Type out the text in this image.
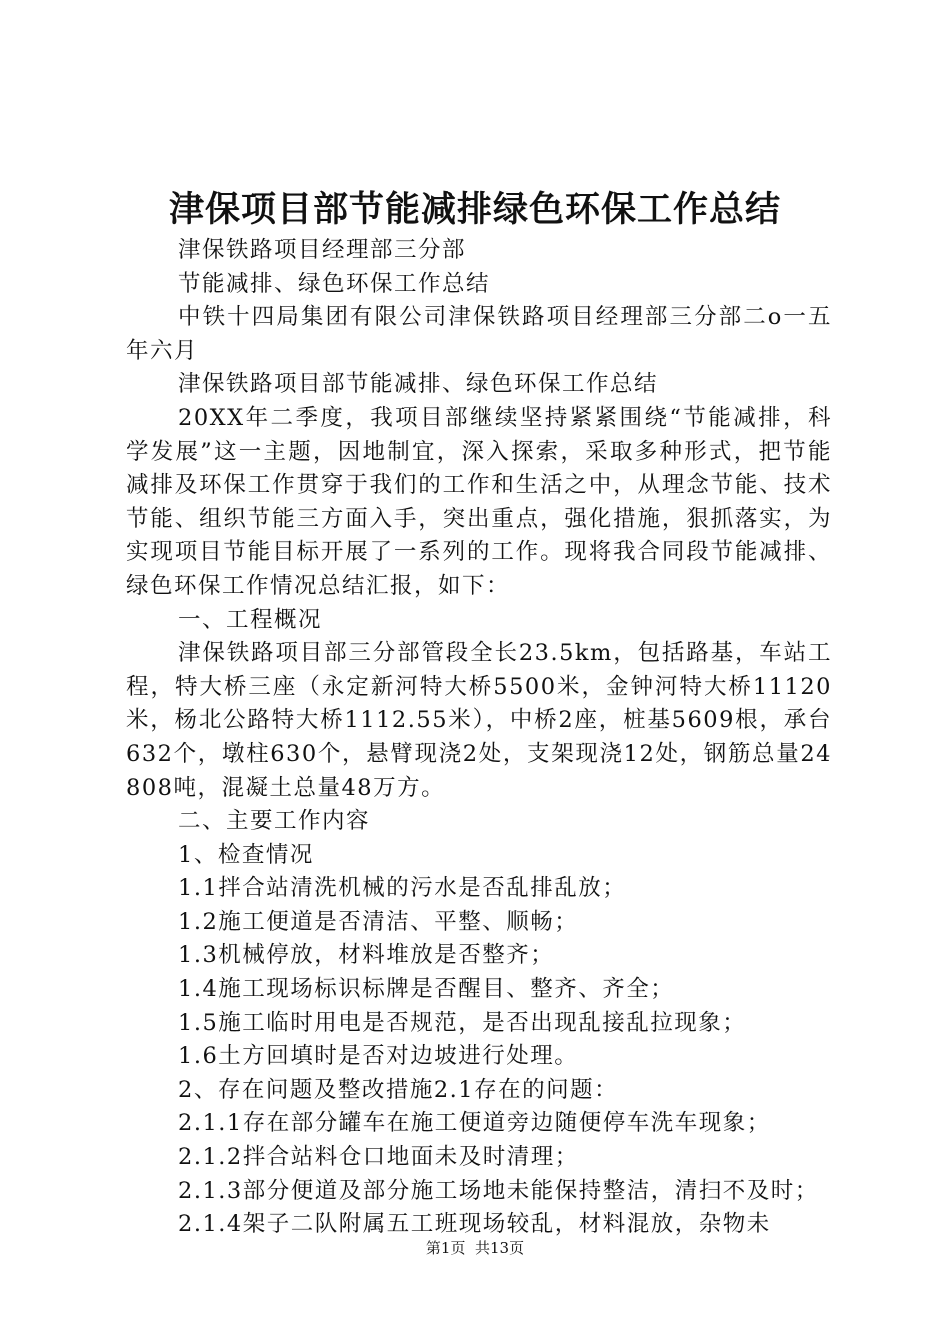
津保项目部节能减排绿色环保工作总结

津保铁路项目经理部三分部

节能减排、绿色环保工作总结

中铁十四局集团有限公司津保铁路项目经理部三分部二o一五年六月

津保铁路项目部节能减排、绿色环保工作总结

20XX年二季度，我项目部继续坚持紧紧围绕“节能减排，科学发展”这一主题，因地制宜，深入探索，采取多种形式，把节能减排及环保工作贯穿于我们的工作和生活之中，从理念节能、技术节能、组织节能三方面入手，突出重点，强化措施，狠抓落实，为实现项目节能目标开展了一系列的工作。现将我合同段节能减排、绿色环保工作情况总结汇报，如下：

一、工程概况

津保铁路项目部三分部管段全长23.5km，包括路基，车站工程，特大桥三座（永定新河特大桥5500米，金钟河特大桥11120米，杨北公路特大桥1112.55米），中桥2座，桩基5609根，承台632个，墩柱630个，悬臂现浇2处，支架现浇12处，钢筋总量24808吨，混凝土总量48万方。

二、主要工作内容

1、检查情况

1.1拌合站清洗机械的污水是否乱排乱放；

1.2施工便道是否清洁、平整、顺畅；

1.3机械停放，材料堆放是否整齐；

1.4施工现场标识标牌是否醒目、整齐、齐全；

1.5施工临时用电是否规范，是否出现乱接乱拉现象；

1.6土方回填时是否对边坡进行处理。

2、存在问题及整改措施2.1存在的问题：

2.1.1存在部分罐车在施工便道旁边随便停车洗车现象；

2.1.2拌合站料仓口地面未及时清理；

2.1.3部分便道及部分施工场地未能保持整洁，清扫不及时；

2.1.4架子二队附属五工班现场较乱，材料混放，杂物未

第1页  共13页
